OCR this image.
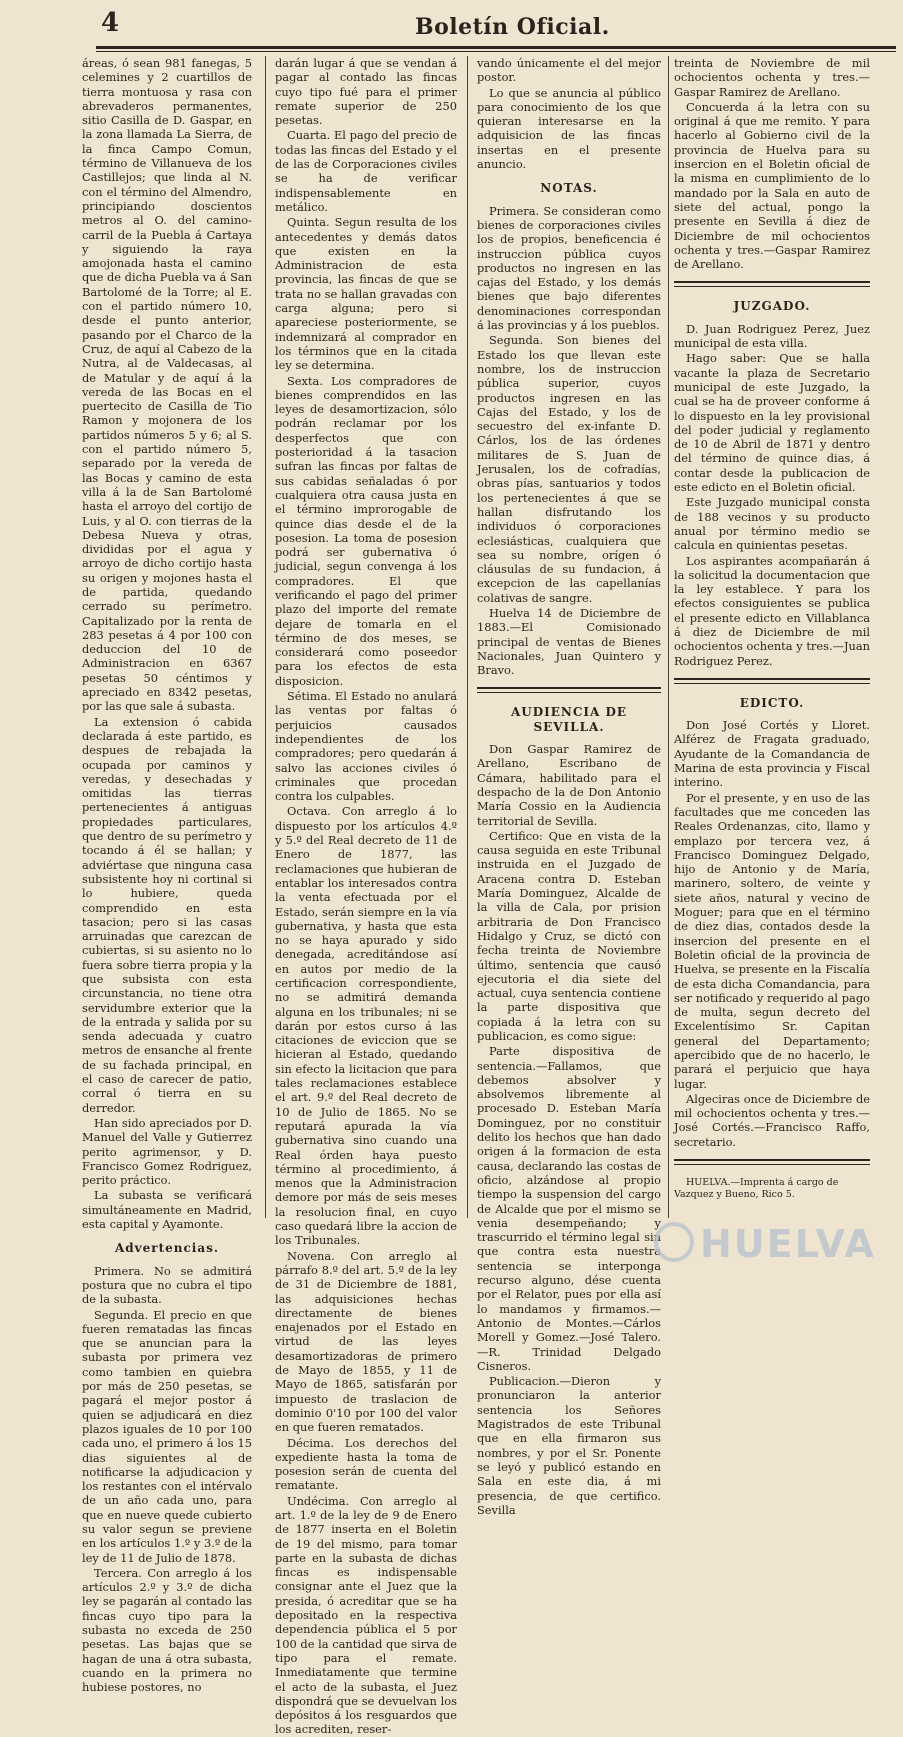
4	Boletín Oficial.

áreas, ó sean 981 fanegas, 5 celemines y 2 cuartillos de tierra montuosa y rasa con abrevaderos permanentes, sitio Casilla de D. Gaspar, en la zona llamada La Sierra, de la finca Campo Comun, término de Villanueva de los Castillejos; que linda al N. con el término del Almendro, principiando doscientos metros al O. del camino-carril de la Puebla á Cartaya y siguiendo la raya amojonada hasta el camino que de dicha Puebla va á San Bartolomé de la Torre; al E. con el partido número 10, desde el punto anterior, pasando por el Charco de la Cruz, de aquí al Cabezo de la Nutra, al de Valdecasas, al de Matular y de aquí á la vereda de las Bocas en el puertecito de Casilla de Tio Ramon y mojonera de los partidos números 5 y 6; al S. con el partido número 5, separado por la vereda de las Bocas y camino de esta villa á la de San Bartolomé hasta el arroyo del cortijo de Luis, y al O. con tierras de la Debesa Nueva y otras, divididas por el agua y arroyo de dicho cortijo hasta su origen y mojones hasta el de partida, quedando cerrado su perímetro. Capitalizado por la renta de 283 pesetas á 4 por 100 con deduccion del 10 de Administracion en 6367 pesetas 50 céntimos y apreciado en 8342 pesetas, por las que sale á subasta.

La extension ó cabida declarada á este partido, es despues de rebajada la ocupada por caminos y veredas, y desechadas y omitidas las tierras pertenecientes á antiguas propiedades particulares, que dentro de su perímetro y tocando á él se hallan; y adviértase que ninguna casa subsistente hoy ni cortinal si lo hubiere, queda comprendido en esta tasacion; pero si las casas arruinadas que carezcan de cubiertas, si su asiento no lo fuera sobre tierra propia y la que subsista con esta circunstancia, no tiene otra servidumbre exterior que la de la entrada y salida por su senda adecuada y cuatro metros de ensanche al frente de su fachada principal, en el caso de carecer de patio, corral ó tierra en su derredor.

Han sido apreciados por D. Manuel del Valle y Gutierrez perito agrimensor, y D. Francisco Gomez Rodriguez, perito práctico.

La subasta se verificará simultáneamente en Madrid, esta capital y Ayamonte.

Advertencias.

Primera. No se admitirá postura que no cubra el tipo de la subasta.

Segunda. El precio en que fueren rematadas las fincas que se anuncian para la subasta por primera vez como tambien en quiebra por más de 250 pesetas, se pagará el mejor postor á quien se adjudicará en diez plazos iguales de 10 por 100 cada uno, el primero á los 15 dias siguientes al de notificarse la adjudicacion y los restantes con el intérvalo de un año cada uno, para que en nueve quede cubierto su valor segun se previene en los artículos 1.º y 3.º de la ley de 11 de Julio de 1878.

Tercera. Con arreglo á los artículos 2.º y 3.º de dicha ley se pagarán al contado las fincas cuyo tipo para la subasta no exceda de 250 pesetas. Las bajas que se hagan de una á otra subasta, cuando en la primera no hubiese postores, no

darán lugar á que se vendan á pagar al contado las fincas cuyo tipo fué para el primer remate superior de 250 pesetas.

Cuarta. El pago del precio de todas las fincas del Estado y el de las de Corporaciones civiles se ha de verificar indispensablemente en metálico.

Quinta. Segun resulta de los antecedentes y demás datos que existen en la Administracion de esta provincia, las fincas de que se trata no se hallan gravadas con carga alguna; pero si apareciese posteriormente, se indemnizará al comprador en los términos que en la citada ley se determina.

Sexta. Los compradores de bienes comprendidos en las leyes de desamortizacion, sólo podrán reclamar por los desperfectos que con posterioridad á la tasacion sufran las fincas por faltas de sus cabidas señaladas ó por cualquiera otra causa justa en el término improrogable de quince dias desde el de la posesion. La toma de posesion podrá ser gubernativa ó judicial, segun convenga á los compradores. El que verificando el pago del primer plazo del importe del remate dejare de tomarla en el término de dos meses, se considerará como poseedor para los efectos de esta disposicion.

Sétima. El Estado no anulará las ventas por faltas ó perjuicios causados independientes de los compradores; pero quedarán á salvo las acciones civiles ó criminales que procedan contra los culpables.

Octava. Con arreglo á lo dispuesto por los artículos 4.º y 5.º del Real decreto de 11 de Enero de 1877, las reclamaciones que hubieran de entablar los interesados contra la venta efectuada por el Estado, serán siempre en la vía gubernativa, y hasta que esta no se haya apurado y sido denegada, acreditándose así en autos por medio de la certificacion correspondiente, no se admitirá demanda alguna en los tribunales; ni se darán por estos curso á las citaciones de eviccion que se hicieran al Estado, quedando sin efecto la licitacion que para tales reclamaciones establece el art. 9.º del Real decreto de 10 de Julio de 1865. No se reputará apurada la vía gubernativa sino cuando una Real órden haya puesto término al procedimiento, á menos que la Administracion demore por más de seis meses la resolucion final, en cuyo caso quedará libre la accion de los Tribunales.

Novena. Con arreglo al párrafo 8.º del art. 5.º de la ley de 31 de Diciembre de 1881, las adquisiciones hechas directamente de bienes enajenados por el Estado en virtud de las leyes desamortizadoras de primero de Mayo de 1855, y 11 de Mayo de 1865, satisfarán por impuesto de traslacion de dominio 0'10 por 100 del valor en que fueren rematados.

Décima. Los derechos del expediente hasta la toma de posesion serán de cuenta del rematante.

Undécima. Con arreglo al art. 1.º de la ley de 9 de Enero de 1877 inserta en el Boletin de 19 del mismo, para tomar parte en la subasta de dichas fincas es indispensable consignar ante el Juez que la presida, ó acreditar que se ha depositado en la respectiva dependencia pública el 5 por 100 de la cantidad que sirva de tipo para el remate. Inmediatamente que termine el acto de la subasta, el Juez dispondrá que se devuelvan los depósitos á los resguardos que los acrediten, reser-

vando únicamente el del mejor postor.

Lo que se anuncia al público para conocimiento de los que quieran interesarse en la adquisicion de las fincas insertas en el presente anuncio.

NOTAS.

Primera. Se consideran como bienes de corporaciones civiles los de propios, beneficencia é instruccion pública cuyos productos no ingresen en las cajas del Estado, y los demás bienes que bajo diferentes denominaciones correspondan á las provincias y á los pueblos.

Segunda. Son bienes del Estado los que llevan este nombre, los de instruccion pública superior, cuyos productos ingresen en las Cajas del Estado, y los de secuestro del ex-infante D. Cárlos, los de las órdenes militares de S. Juan de Jerusalen, los de cofradías, obras pías, santuarios y todos los pertenecientes á que se hallan disfrutando los individuos ó corporaciones eclesiásticas, cualquiera que sea su nombre, orígen ó cláusulas de su fundacion, á excepcion de las capellanías colativas de sangre.

Huelva 14 de Diciembre de 1883.—El Comisionado principal de ventas de Bienes Nacionales, Juan Quintero y Bravo.

AUDIENCIA DE SEVILLA.

Don Gaspar Ramirez de Arellano, Escribano de Cámara, habilitado para el despacho de la de Don Antonio María Cossio en la Audiencia territorial de Sevilla.

Certifico: Que en vista de la causa seguida en este Tribunal instruida en el Juzgado de Aracena contra D. Esteban María Dominguez, Alcalde de la villa de Cala, por prision arbitraria de Don Francisco Hidalgo y Cruz, se dictó con fecha treinta de Noviembre último, sentencia que causó ejecutoria el dia siete del actual, cuya sentencia contiene la parte dispositiva que copiada á la letra con su publicacion, es como sigue:

Parte dispositiva de sentencia.—Fallamos, que debemos absolver y absolvemos libremente al procesado D. Esteban María Dominguez, por no constituir delito los hechos que han dado origen á la formacion de esta causa, declarando las costas de oficio, alzándose al propio tiempo la suspension del cargo de Alcalde que por el mismo se venia desempeñando; y trascurrido el término legal sin que contra esta nuestra sentencia se interponga recurso alguno, dése cuenta por el Relator, pues por ella así lo mandamos y firmamos.—Antonio de Montes.—Cárlos Morell y Gomez.—José Talero.—R. Trinidad Delgado Cisneros.

Publicacion.—Dieron y pronunciaron la anterior sentencia los Señores Magistrados de este Tribunal que en ella firmaron sus nombres, y por el Sr. Ponente se leyó y publicó estando en Sala en este dia, á mi presencia, de que certifico. Sevilla

treinta de Noviembre de mil ochocientos ochenta y tres.—Gaspar Ramirez de Arellano.

Concuerda á la letra con su original á que me remito. Y para hacerlo al Gobierno civil de la provincia de Huelva para su insercion en el Boletin oficial de la misma en cumplimiento de lo mandado por la Sala en auto de siete del actual, pongo la presente en Sevilla á diez de Diciembre de mil ochocientos ochenta y tres.—Gaspar Ramirez de Arellano.

JUZGADO.

D. Juan Rodriguez Perez, Juez municipal de esta villa.

Hago saber: Que se halla vacante la plaza de Secretario municipal de este Juzgado, la cual se ha de proveer conforme á lo dispuesto en la ley provisional del poder judicial y reglamento de 10 de Abril de 1871 y dentro del término de quince dias, á contar desde la publicacion de este edicto en el Boletin oficial.

Este Juzgado municipal consta de 188 vecinos y su producto anual por término medio se calcula en quinientas pesetas.

Los aspirantes acompañarán á la solicitud la documentacion que la ley establece. Y para los efectos consiguientes se publica el presente edicto en Villablanca á diez de Diciembre de mil ochocientos ochenta y tres.—Juan Rodriguez Perez.

EDICTO.

Don José Cortés y Lloret. Alférez de Fragata graduado, Ayudante de la Comandancia de Marina de esta provincia y Fiscal interino.

Por el presente, y en uso de las facultades que me conceden las Reales Ordenanzas, cito, llamo y emplazo por tercera vez, á Francisco Dominguez Delgado, hijo de Antonio y de María, marinero, soltero, de veinte y siete años, natural y vecino de Moguer; para que en el término de diez dias, contados desde la insercion del presente en el Boletin oficial de la provincia de Huelva, se presente en la Fiscalía de esta dicha Comandancia, para ser notificado y requerido al pago de multa, segun decreto del Excelentísimo Sr. Capitan general del Departamento; apercibido que de no hacerlo, le parará el perjuicio que haya lugar.

Algeciras once de Diciembre de mil ochocientos ochenta y tres.—José Cortés.—Francisco Raffo, secretario.

HUELVA.—Imprenta á cargo de Vazquez y Bueno, Rico 5.

HUELVA
